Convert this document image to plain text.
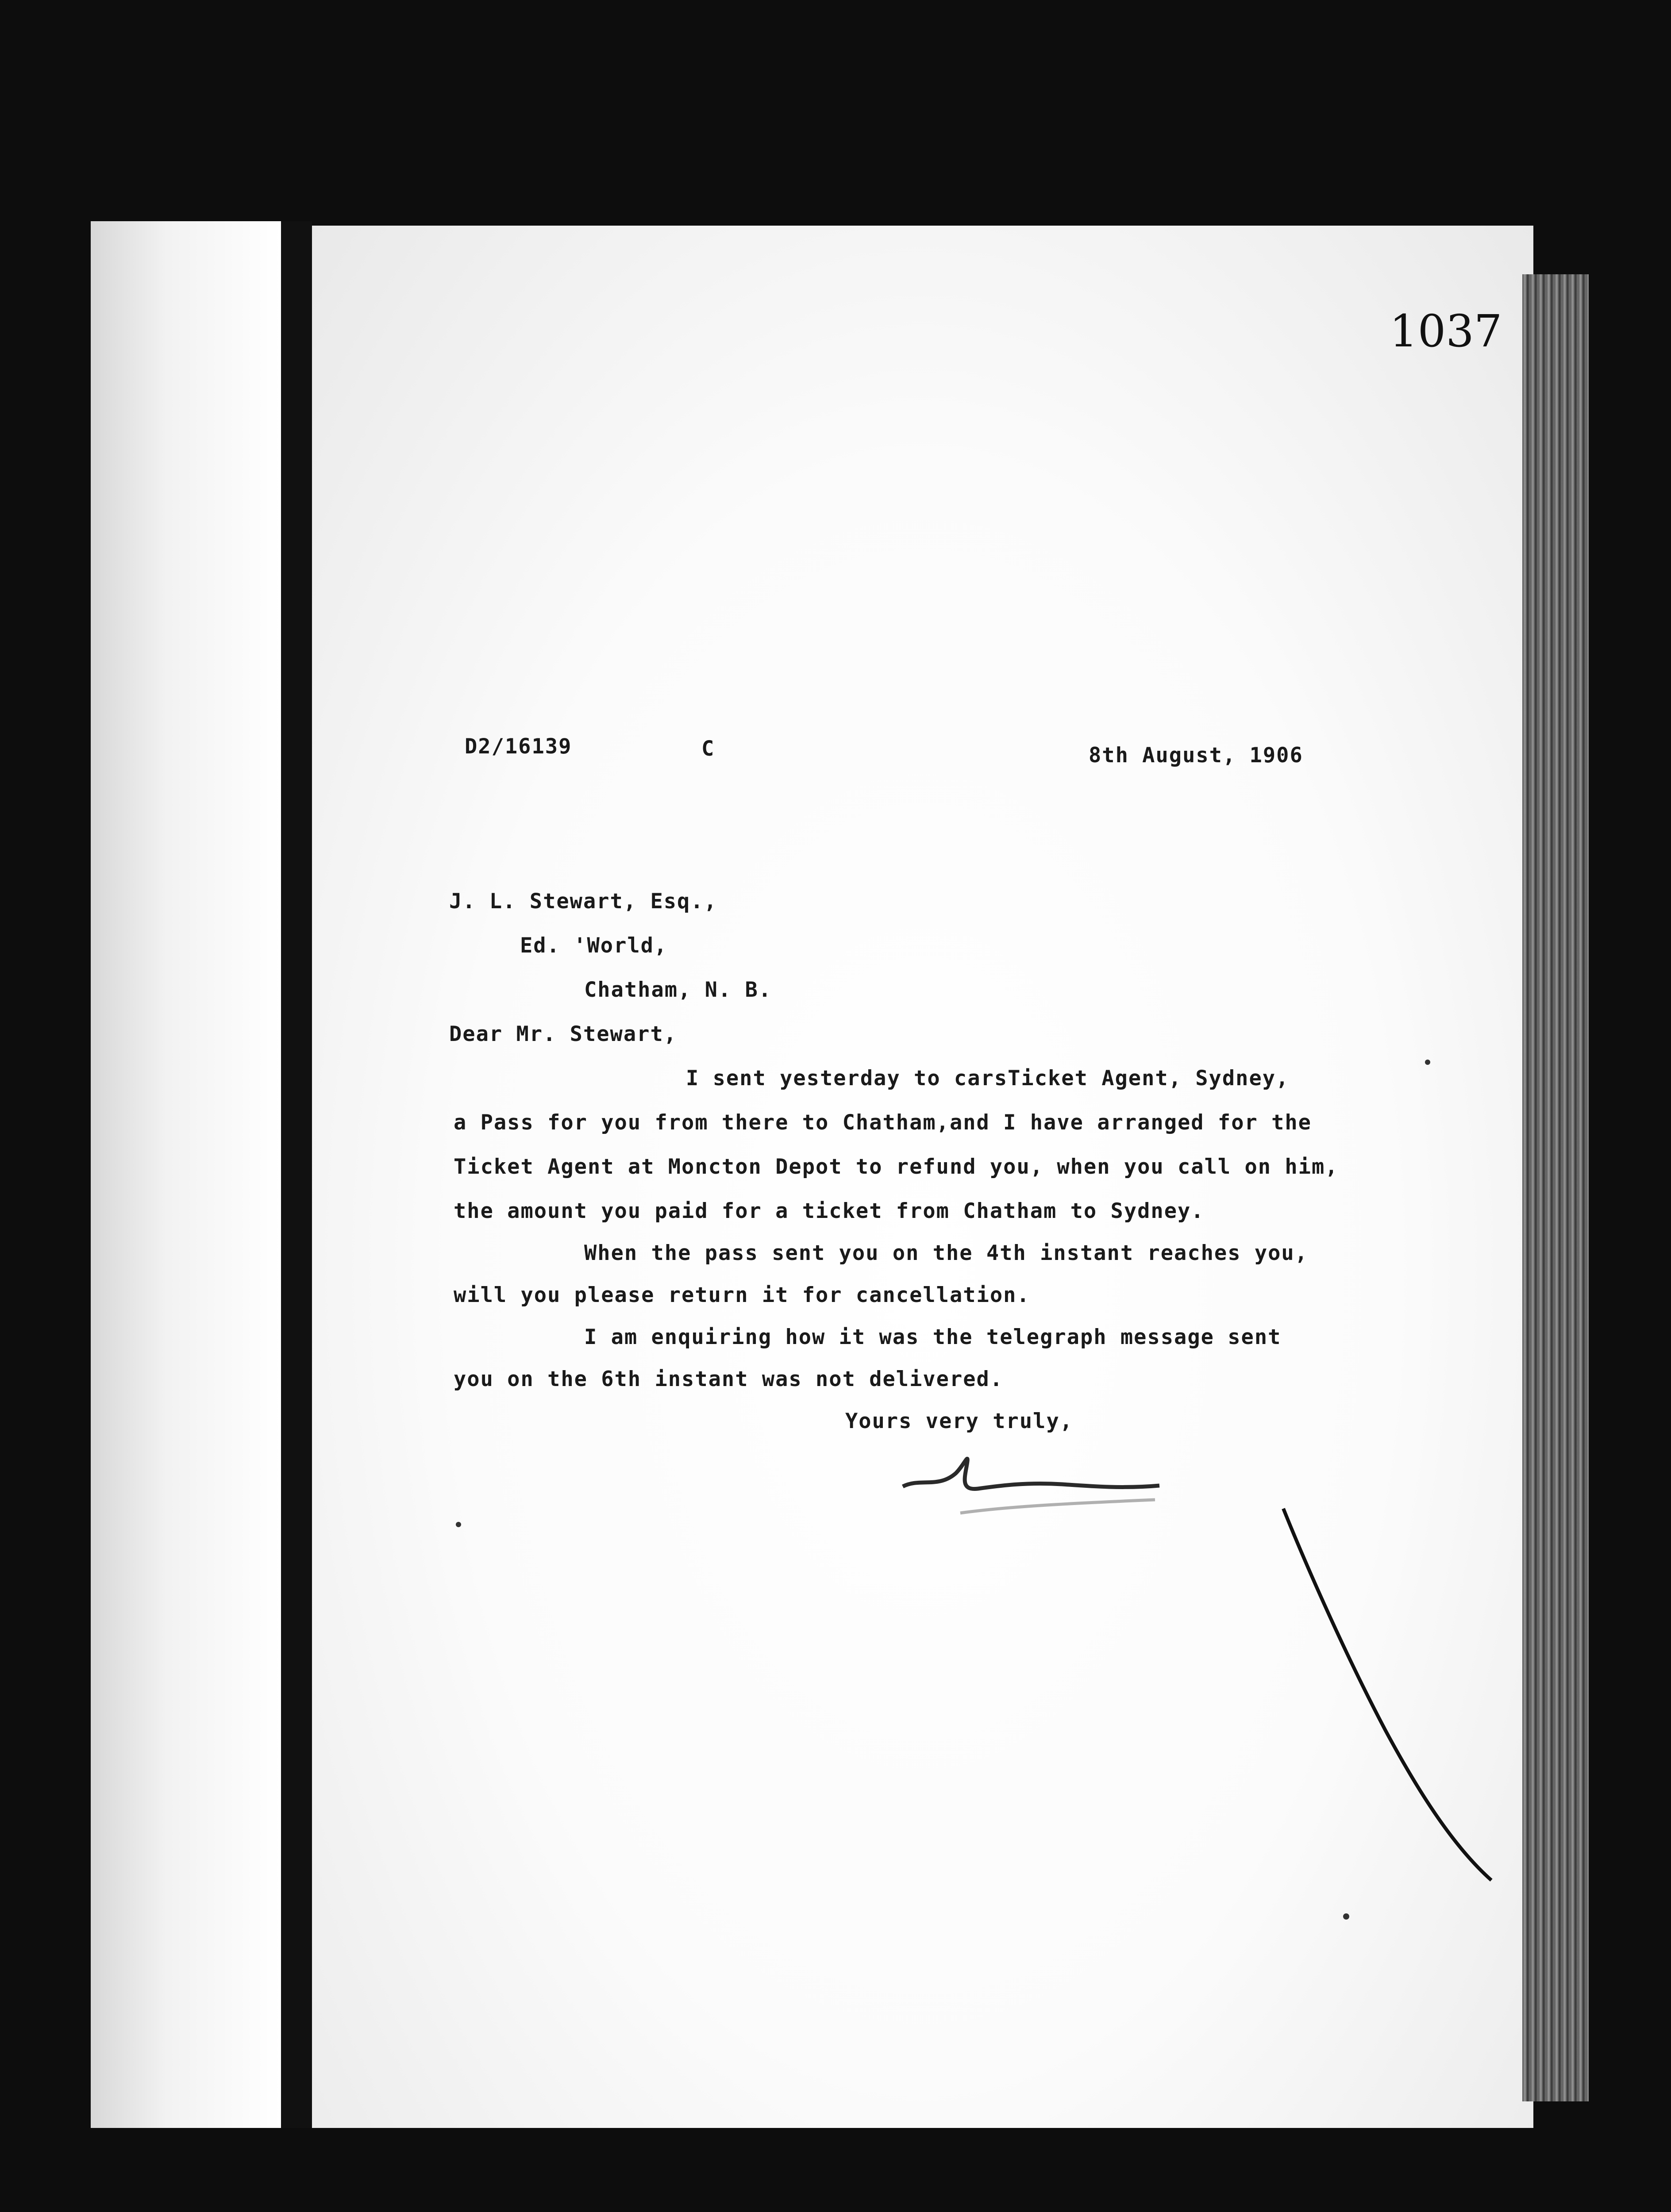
1037

D2/16139	C	8th August, 1906

J. L. Stewart, Esq.,

Ed. 'World,

Chatham, N. B.

Dear Mr. Stewart,

I sent yesterday to carsTicket Agent, Sydney,

a Pass for you from there to Chatham,and I have arranged for the

Ticket Agent at Moncton Depot to refund you, when you call on him,

the amount you paid for a ticket from Chatham to Sydney.

When the pass sent you on the 4th instant reaches you,

will you please return it for cancellation.

I am enquiring how it was the telegraph message sent

you on the 6th instant was not delivered.

Yours very truly,
